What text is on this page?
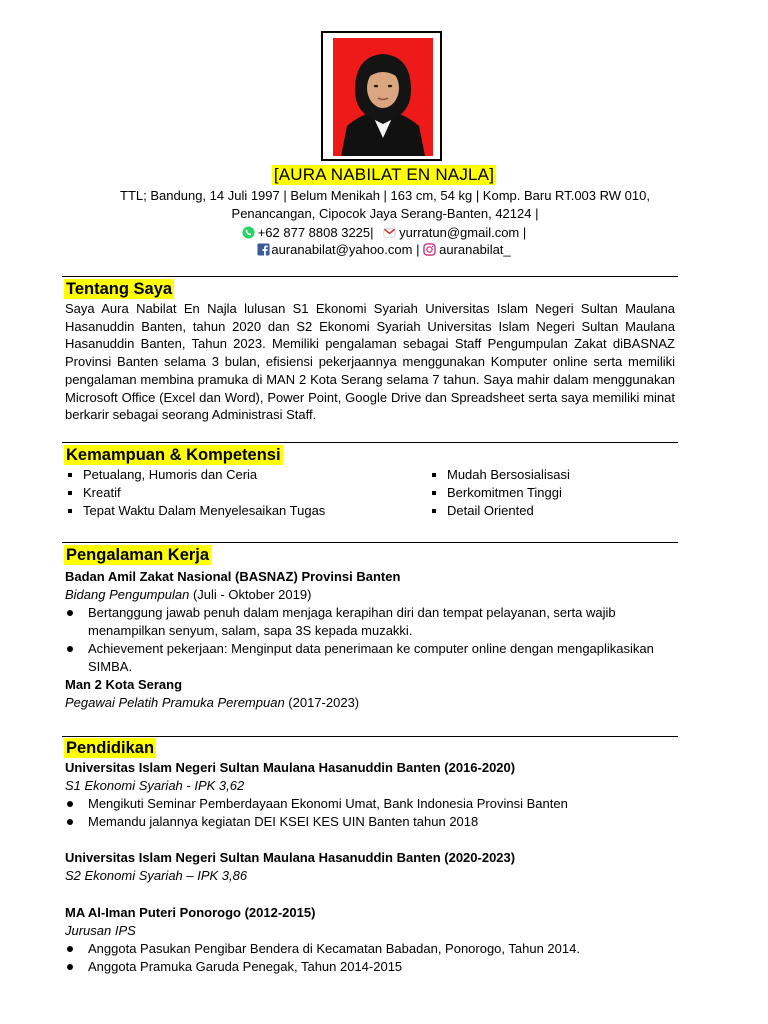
[AURA NABILAT EN NAJLA]
TTL; Bandung, 14 Juli 1997 | Belum Menikah | 163 cm, 54 kg | Komp. Baru RT.003 RW 010,
Penancangan, Cipocok Jaya Serang-Banten, 42124 |
+62 877 8808 3225| yurratun@gmail.com |
auranabilat@yahoo.com | auranabilat_
Tentang Saya
Saya Aura Nabilat En Najla lulusan S1 Ekonomi Syariah Universitas Islam Negeri Sultan Maulana Hasanuddin Banten, tahun 2020 dan S2 Ekonomi Syariah Universitas Islam Negeri Sultan Maulana Hasanuddin Banten, Tahun 2023. Memiliki pengalaman sebagai Staff Pengumpulan Zakat diBASNAZ Provinsi Banten selama 3 bulan, efisiensi pekerjaannya menggunakan Komputer online serta memiliki pengalaman membina pramuka di MAN 2 Kota Serang selama 7 tahun. Saya mahir dalam menggunakan Microsoft Office (Excel dan Word), Power Point, Google Drive dan Spreadsheet serta saya memiliki minat berkarir sebagai seorang Administrasi Staff.
Kemampuan & Kompetensi
Petualang, Humoris dan Ceria
Kreatif
Tepat Waktu Dalam Menyelesaikan Tugas
Mudah Bersosialisasi
Berkomitmen Tinggi
Detail Oriented
Pengalaman Kerja
Badan Amil Zakat Nasional (BASNAZ) Provinsi Banten
Bidang Pengumpulan (Juli - Oktober 2019)
Bertanggung jawab penuh dalam menjaga kerapihan diri dan tempat pelayanan, serta wajib menampilkan senyum, salam, sapa 3S kepada muzakki.
Achievement pekerjaan: Menginput data penerimaan ke computer online dengan mengaplikasikan SIMBA.
Man 2 Kota Serang
Pegawai Pelatih Pramuka Perempuan (2017-2023)
Pendidikan
Universitas Islam Negeri Sultan Maulana Hasanuddin Banten (2016-2020)
S1 Ekonomi Syariah - IPK 3,62
Mengikuti Seminar Pemberdayaan Ekonomi Umat, Bank Indonesia Provinsi Banten
Memandu jalannya kegiatan DEI KSEI KES UIN Banten tahun 2018
Universitas Islam Negeri Sultan Maulana Hasanuddin Banten (2020-2023)
S2 Ekonomi Syariah – IPK 3,86
MA Al-Iman Puteri Ponorogo (2012-2015)
Jurusan IPS
Anggota Pasukan Pengibar Bendera di Kecamatan Babadan, Ponorogo, Tahun 2014.
Anggota Pramuka Garuda Penegak, Tahun 2014-2015
